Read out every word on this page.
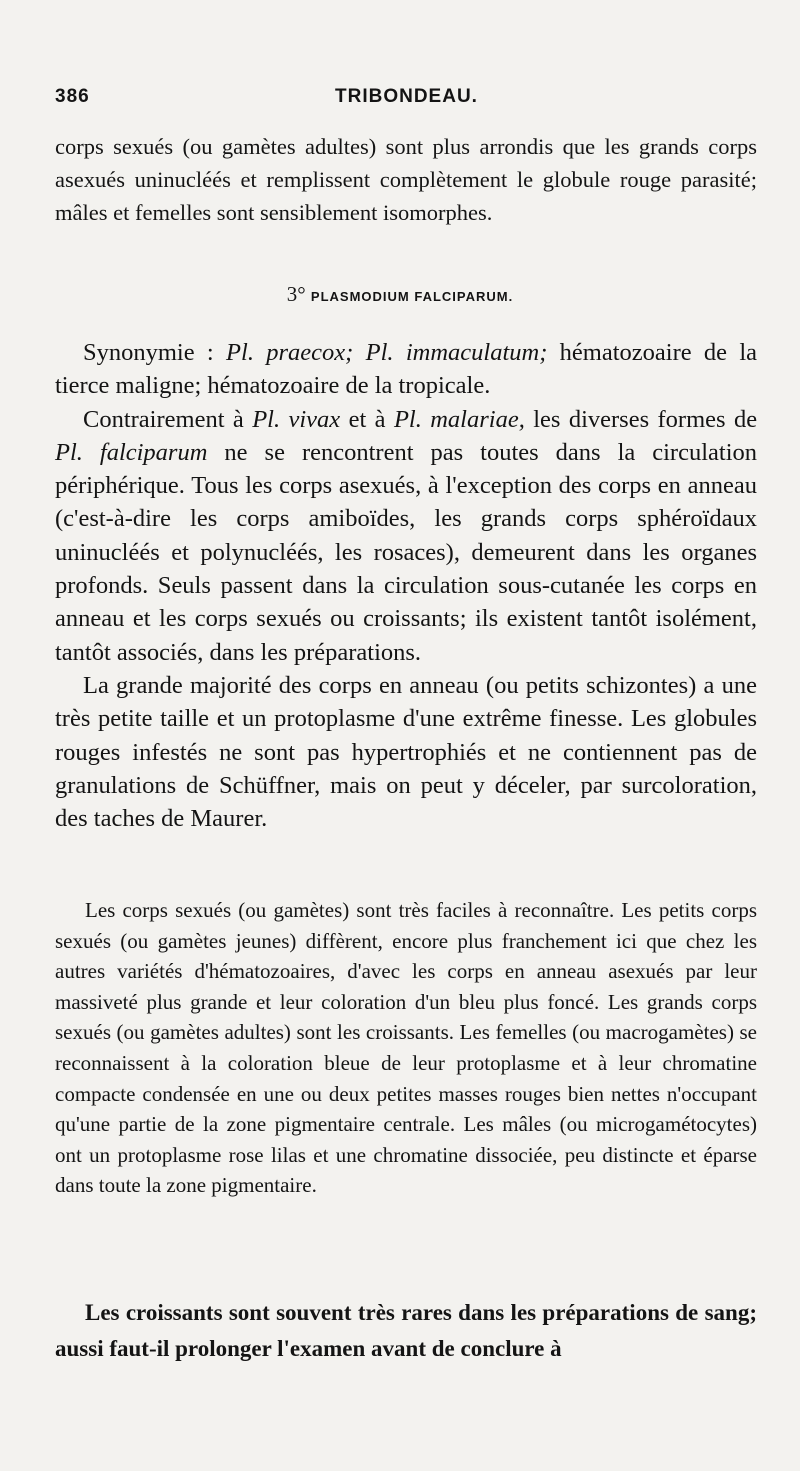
386	TRIBONDEAU.

corps sexués (ou gamètes adultes) sont plus arrondis que les grands corps asexués uninucléés et remplissent complètement le globule rouge parasité; mâles et femelles sont sensiblement isomorphes.

3° PLASMODIUM FALCIPARUM.

Synonymie : Pl. praecox; Pl. immaculatum; hématozoaire de la tierce maligne; hématozoaire de la tropicale.

Contrairement à Pl. vivax et à Pl. malariae, les diverses formes de Pl. falciparum ne se rencontrent pas toutes dans la circulation périphérique. Tous les corps asexués, à l'exception des corps en anneau (c'est-à-dire les corps amiboïdes, les grands corps sphéroïdaux uninucléés et polynucléés, les rosaces), demeurent dans les organes profonds. Seuls passent dans la circulation sous-cutanée les corps en anneau et les corps sexués ou croissants; ils existent tantôt isolément, tantôt associés, dans les préparations.

La grande majorité des corps en anneau (ou petits schizontes) a une très petite taille et un protoplasme d'une extrême finesse. Les globules rouges infestés ne sont pas hypertrophiés et ne contiennent pas de granulations de Schüffner, mais on peut y déceler, par surcoloration, des taches de Maurer.

Les corps sexués (ou gamètes) sont très faciles à reconnaître. Les petits corps sexués (ou gamètes jeunes) diffèrent, encore plus franchement ici que chez les autres variétés d'hématozoaires, d'avec les corps en anneau asexués par leur massiveté plus grande et leur coloration d'un bleu plus foncé. Les grands corps sexués (ou gamètes adultes) sont les croissants. Les femelles (ou macrogamètes) se reconnaissent à la coloration bleue de leur protoplasme et à leur chromatine compacte condensée en une ou deux petites masses rouges bien nettes n'occupant qu'une partie de la zone pigmentaire centrale. Les mâles (ou microgamétocytes) ont un protoplasme rose lilas et une chromatine dissociée, peu distincte et éparse dans toute la zone pigmentaire.

Les croissants sont souvent très rares dans les préparations de sang; aussi faut-il prolonger l'examen avant de conclure à
